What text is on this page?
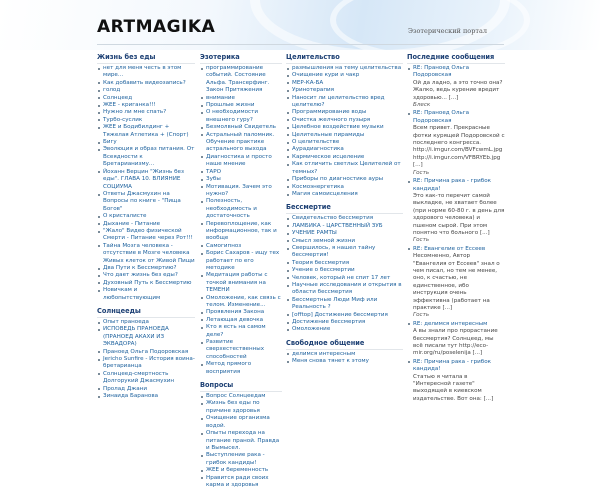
ARTMAGIKA	Эзотерический портал
Жизнь без еды
нет для меня честь в этом мире...
Как добавить видеозапись?
голод
Солнцеед
ЖЕЕ - криганка!!!
Нужно ли мне спать?
Турбо-суслик
ЖЕЕ и Бодибилдинг + Тяжелая Атлетика + (Спорт)
Бигу
Эволюция и образ питания. От Всеядности к Бретарианизму...
Йоханн Верцин "Жизнь без еды". ГЛАВА 10. ВЛИЯНИЕ СОЦИУМА
Ответы Джасмухин на Вопросы по книге - "Пища Богов"
О кристалисте
Дыхание - Питание
"Жало" Видео физической Смерти - Питание через Рот!!!
Тайна Мозга человека - отсутствие в Мозге человека Живых клеток от Живой Пищи
Два Пути к Бессмертию?
Что дает жизнь без еды?
Духовный Путь к Бессмертию
Новичкам и любопытствующим
Солнцееды
Опыт праноеда
ИСПОВЕДЬ ПРАНОЕДА (ПРАНОЕД АКАХИ ИЗ ЭКВАДОРА)
Праноед Ольга Подоровская
Jericho Sunfire - История воина-бретарианца
Солнцеед-смертность Долгорукий Джасмухин
Пролад Джани
Зинаида Баранова
Эзотерика
программирование событий. Состояние Альфа. Трансерфинг. Закон Притяжения
внимание
Прошлые жизни
О необходимости внешнего гуру?
Безмолвный Свидетель
Астральный паломник. Обучение практике астрального выхода
Диагностика и просто наше мнение
ТАРО
Зубы
Мотивация. Зачем это нужно?
Полезность, необходимость и достаточность
Перевоплощение, как информационное, так и вообще
Самогипноз
Борис Сахаров - ищу тех работает по его методике
Медитация работы с точкой внимания на ТЕМЕНИ
Омоложение, как связь с телом. Изменение...
Проявления Закона
Летающая девочка
Кто я есть на самом деле?
Развитие сверхестественных способностей
Метод прямого восприятия
Вопросы
Вопрос Солнцеедам
Жизнь без еды по причине здоровья
Очищение организма водой.
Опыты перехода на питание праной. Правда и Вымысел.
Выступление рака - грибок кандиды!
ЖЕЕ и беременность
Нравится ради своих карма и здоровья
Целительство
размышления на тему целительства
Очищение кури и чакр
МЕР-КА-БА
Уринотерапия
Наносит ли целительство вред целителю?
Программирование воды
Очистка желчного пузыря
Целебное воздействие музыки
Целительные пирамиды
О целительстве
Аурадиагностика
Кармическое исцеление
Как отличить светлых Целителей от темных?
Приборы по диагностике ауры
Космоэнергетика
Магия самоисцеления
Бессмертие
Свидетельство бессмертия
ЛАМБИКА - ЦАРСТВЕННЫЙ ЗУБ
УЧЕНИЕ РАМТЫ
Смысл земной жизни
Свершилось, я нашел тайну бессмертия!
Теория бессмертия
Учение о бессмертии
Человек, который не спит 17 лет
Научные исследования и открытия в области бессмертия
Бессмертные Люди Миф или Реальность ?
[offtop] Достижение бессмертия
Достижение бессмертия
Омоложение
Свободное общение
делимся интересным
Меня снова тянет к этому
Последние сообщения
RE: Праноед Ольга Подоровская
Ой да ладно, а это точно она? Жалко, ведь курение вредит здоровью... [...]
Блеск
RE: Праноед Ольга Подоровская
Всем привет. Прекрасные фотки курящей Подоровской с последнего конгресса. http://i.imgur.com/BVFcwmL.jpg http://i.imgur.com/VFBRYEb.jpg [...]
Гость
RE: Причина рака - грибок кандида!
Это как-то перечит самой выкладке, не хватает более (при норме 60-80 г. в день для здорового человека) и пшеном сырой. При этом понятно что больного [...]
Гость
RE: Евангелие от Ессеев
Несомненно, Автор "Евангелия от Ессеев" знал о чем писал, но тем не менее, оно, к счастью, не единственное, ибо инструкция очень эффективна (работает на практике [...]
Гость
RE: делимся интересным
А вы знали про прорастание бессмертия? Солнцеед, мы всё писали тут http://eco-mir.org/ru/poselenija [...]
RE: Причина рака - грибок кандида!
Статью я читала в "Интересной газете" выходящей в киевском издательстве. Вот она: [...]
